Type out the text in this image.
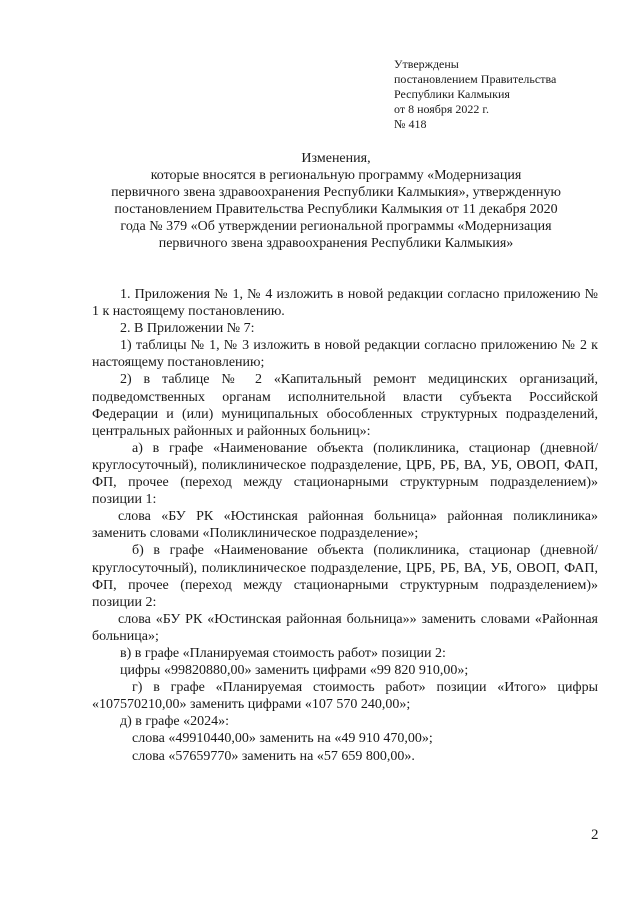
Утверждены
постановлением Правительства
Республики Калмыкия
от 8 ноября 2022 г.
№ 418
Изменения,
которые вносятся в региональную программу «Модернизация
первичного звена здравоохранения Республики Калмыкия», утвержденную
постановлением Правительства Республики Калмыкия от 11 декабря 2020
года № 379 «Об утверждении региональной программы «Модернизация
первичного звена здравоохранения Республики Калмыкия»
1. Приложения № 1, № 4 изложить в новой редакции согласно приложению № 1 к настоящему постановлению.
2. В Приложении № 7:
1) таблицы № 1, № 3 изложить в новой редакции согласно приложению № 2 к настоящему постановлению;
2) в таблице № 2 «Капитальный ремонт медицинских организаций, подведомственных органам исполнительной власти субъекта Российской Федерации и (или) муниципальных обособленных структурных подразделений, центральных районных и районных больниц»:
а) в графе «Наименование объекта (поликлиника, стационар (дневной/круглосуточный), поликлиническое подразделение, ЦРБ, РБ, ВА, УБ, ОВОП, ФАП, ФП, прочее (переход между стационарными структурным подразделением)» позиции 1:
слова «БУ РК «Юстинская районная больница» районная поликлиника» заменить словами «Поликлиническое подразделение»;
б) в графе «Наименование объекта (поликлиника, стационар (дневной/круглосуточный), поликлиническое подразделение, ЦРБ, РБ, ВА, УБ, ОВОП, ФАП, ФП, прочее (переход между стационарными структурным подразделением)» позиции 2:
слова «БУ РК «Юстинская районная больница»» заменить словами «Районная больница»;
в) в графе «Планируемая стоимость работ» позиции 2:
цифры «99820880,00» заменить цифрами «99 820 910,00»;
г) в графе «Планируемая стоимость работ» позиции «Итого» цифры «107570210,00» заменить цифрами «107 570 240,00»;
д) в графе «2024»:
слова «49910440,00» заменить на «49 910 470,00»;
слова «57659770» заменить на «57 659 800,00».
2
